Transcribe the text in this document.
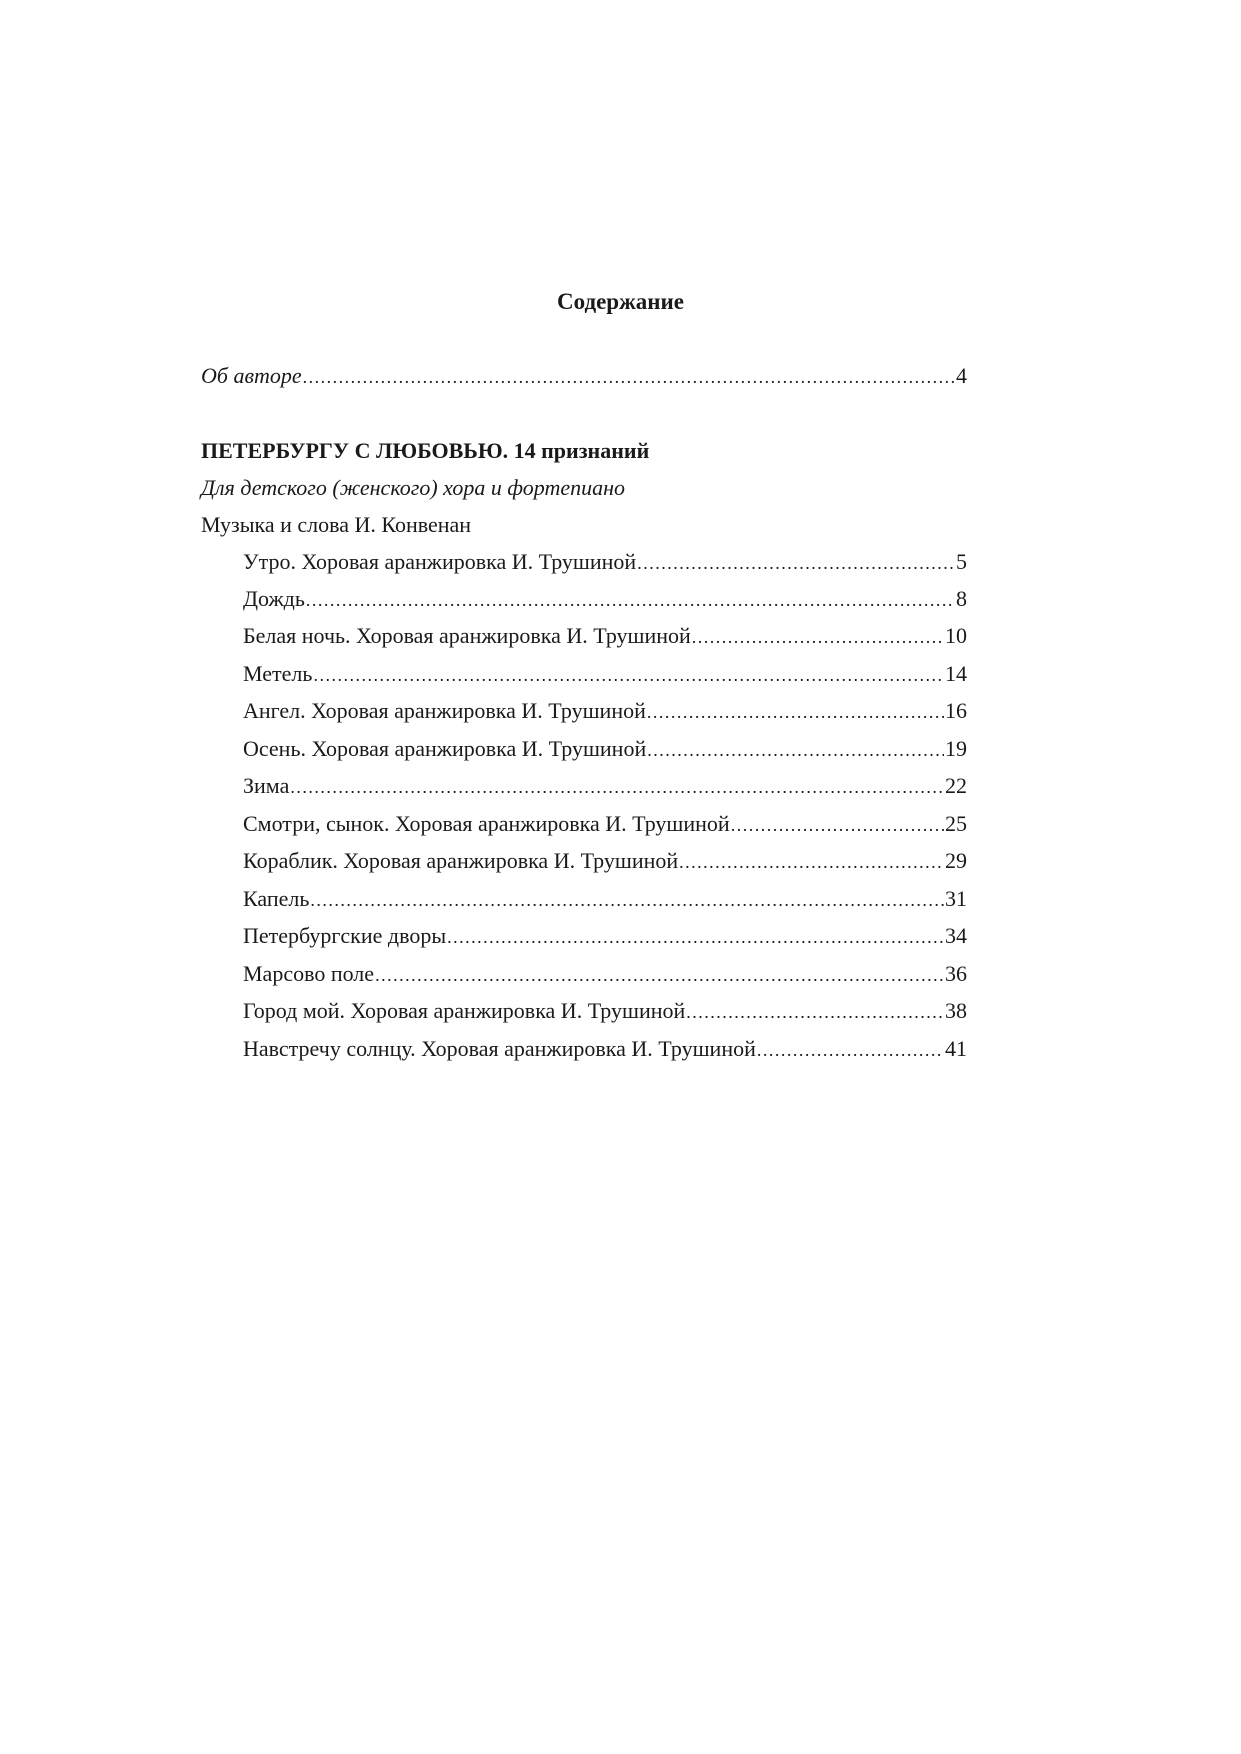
Содержание
Об авторе .....	4
ПЕТЕРБУРГУ С ЛЮБОВЬЮ. 14 признаний
Для детского (женского) хора и фортепиано
Музыка и слова И. Конвенан
Утро. Хоровая аранжировка И. Трушиной .....	5
Дождь .....	8
Белая ночь. Хоровая аранжировка И. Трушиной .....	10
Метель .....	14
Ангел. Хоровая аранжировка И. Трушиной .....	16
Осень. Хоровая аранжировка И. Трушиной .....	19
Зима .....	22
Смотри, сынок. Хоровая аранжировка И. Трушиной .....	25
Кораблик. Хоровая аранжировка И. Трушиной .....	29
Капель .....	31
Петербургские дворы .....	34
Марсово поле .....	36
Город мой. Хоровая аранжировка И. Трушиной .....	38
Навстречу солнцу. Хоровая аранжировка И. Трушиной .....	41
